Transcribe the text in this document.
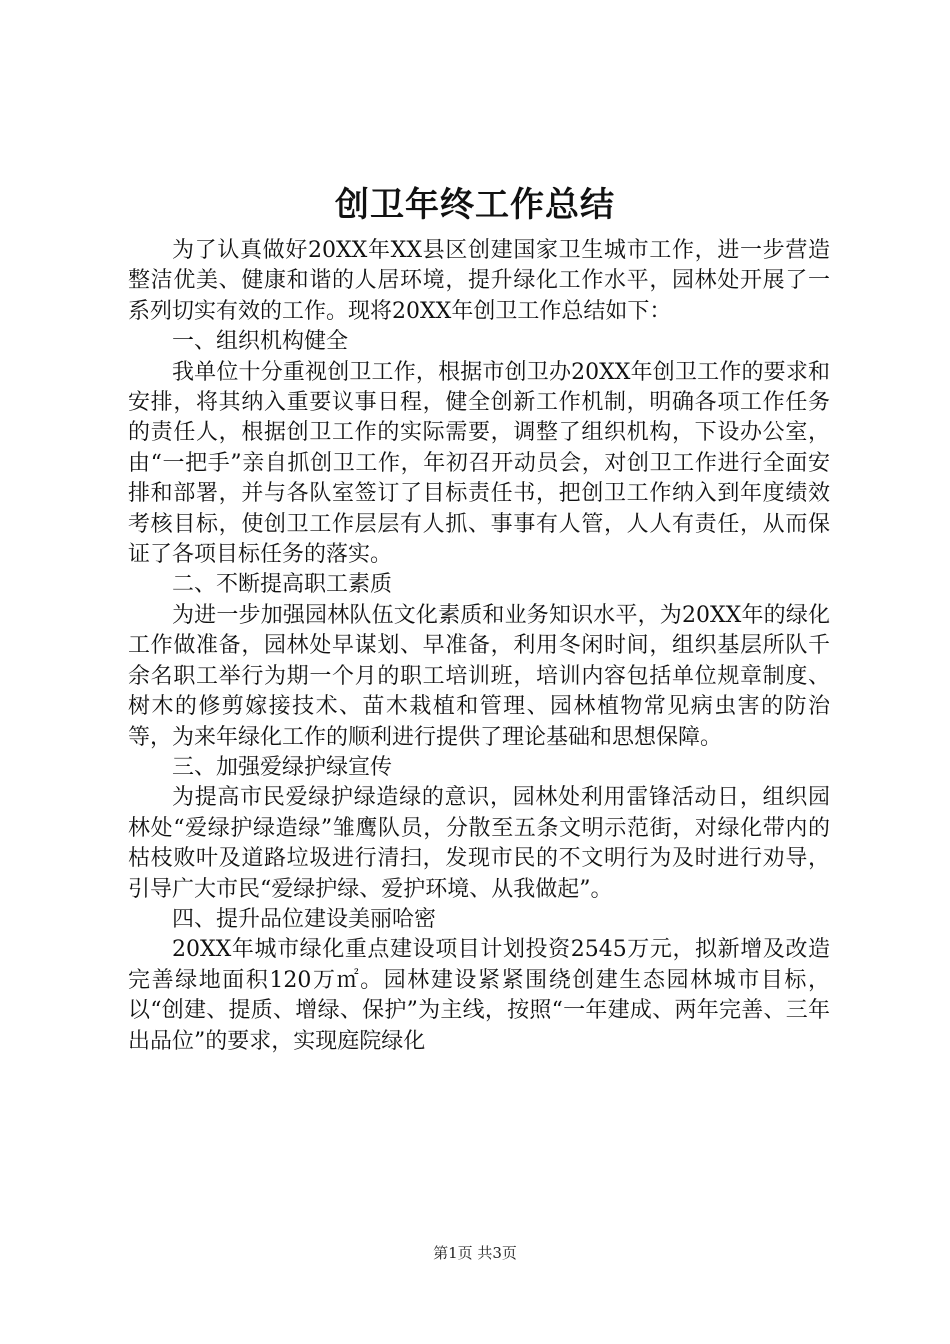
创卫年终工作总结

为了认真做好20XX年XX县区创建国家卫生城市工作，进一步营造整洁优美、健康和谐的人居环境，提升绿化工作水平，园林处开展了一系列切实有效的工作。现将20XX年创卫工作总结如下：

一、组织机构健全

我单位十分重视创卫工作，根据市创卫办20XX年创卫工作的要求和安排，将其纳入重要议事日程，健全创新工作机制，明确各项工作任务的责任人，根据创卫工作的实际需要，调整了组织机构，下设办公室，由“一把手”亲自抓创卫工作，年初召开动员会，对创卫工作进行全面安排和部署，并与各队室签订了目标责任书，把创卫工作纳入到年度绩效考核目标，使创卫工作层层有人抓、事事有人管，人人有责任，从而保证了各项目标任务的落实。

二、不断提高职工素质

为进一步加强园林队伍文化素质和业务知识水平，为20XX年的绿化工作做准备，园林处早谋划、早准备，利用冬闲时间，组织基层所队千余名职工举行为期一个月的职工培训班，培训内容包括单位规章制度、树木的修剪嫁接技术、苗木栽植和管理、园林植物常见病虫害的防治等，为来年绿化工作的顺利进行提供了理论基础和思想保障。

三、加强爱绿护绿宣传

为提高市民爱绿护绿造绿的意识，园林处利用雷锋活动日，组织园林处“爱绿护绿造绿”雏鹰队员，分散至五条文明示范街，对绿化带内的枯枝败叶及道路垃圾进行清扫，发现市民的不文明行为及时进行劝导，引导广大市民“爱绿护绿、爱护环境、从我做起”。

四、提升品位建设美丽哈密

20XX年城市绿化重点建设项目计划投资2545万元，拟新增及改造完善绿地面积120万㎡。园林建设紧紧围绕创建生态园林城市目标，以“创建、提质、增绿、保护”为主线，按照“一年建成、两年完善、三年出品位”的要求，实现庭院绿化

第1页 共3页
